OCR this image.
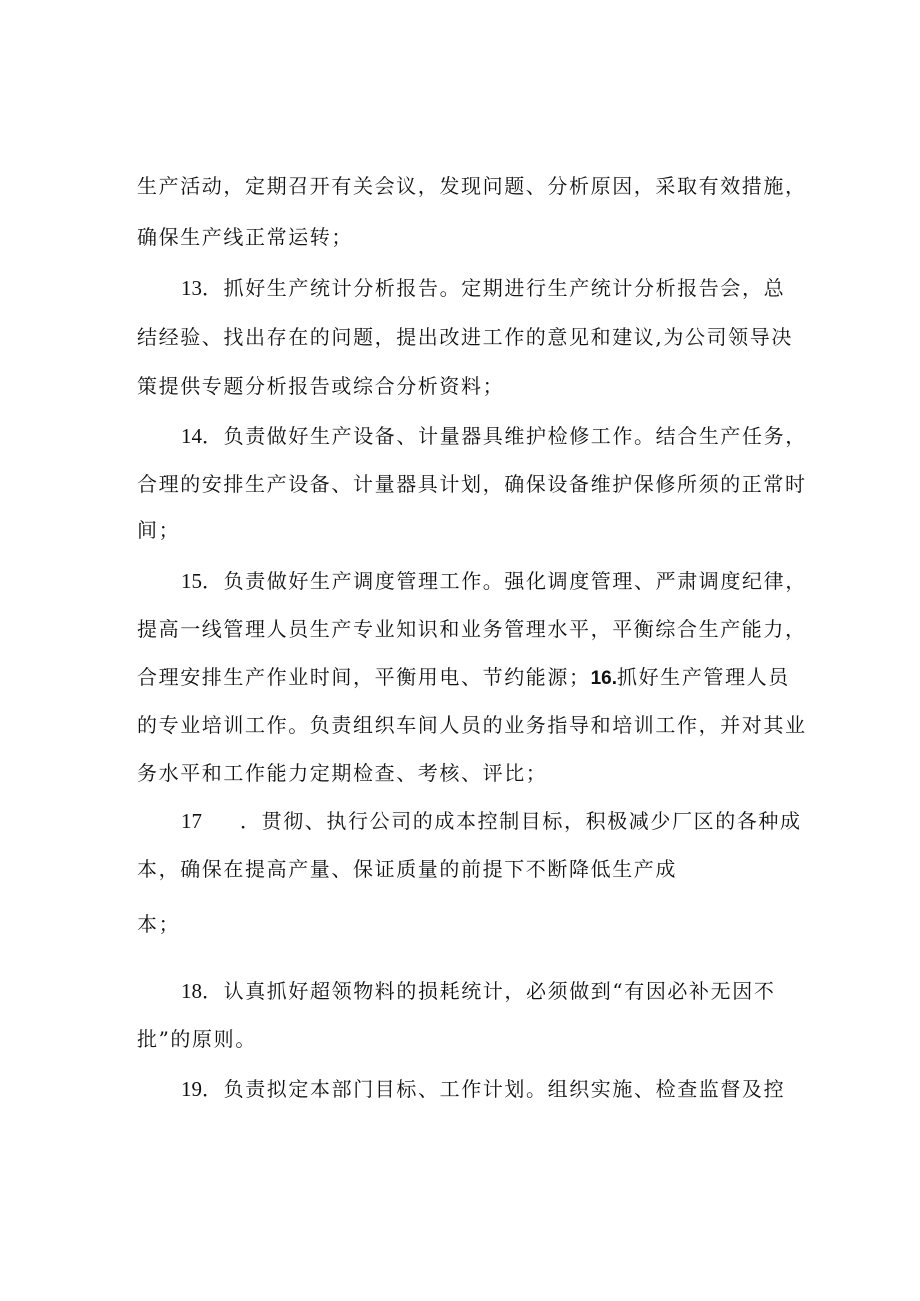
生产活动，定期召开有关会议，发现问题、分析原因，采取有效措施，
确保生产线正常运转；
13．抓好生产统计分析报告。定期进行生产统计分析报告会，总
结经验、找出存在的问题，提出改进工作的意见和建议,为公司领导决
策提供专题分析报告或综合分析资料；
14．负责做好生产设备、计量器具维护检修工作。结合生产任务，
合理的安排生产设备、计量器具计划，确保设备维护保修所须的正常时
间；
15．负责做好生产调度管理工作。强化调度管理、严肃调度纪律，
提高一线管理人员生产专业知识和业务管理水平，平衡综合生产能力，
合理安排生产作业时间，平衡用电、节约能源；16.抓好生产管理人员
的专业培训工作。负责组织车间人员的业务指导和培训工作，并对其业
务水平和工作能力定期检查、考核、评比；
17 ．贯彻、执行公司的成本控制目标，积极减少厂区的各种成
本，确保在提高产量、保证质量的前提下不断降低生产成
本；
18．认真抓好超领物料的损耗统计，必须做到“有因必补无因不
批”的原则。
19．负责拟定本部门目标、工作计划。组织实施、检查监督及控
